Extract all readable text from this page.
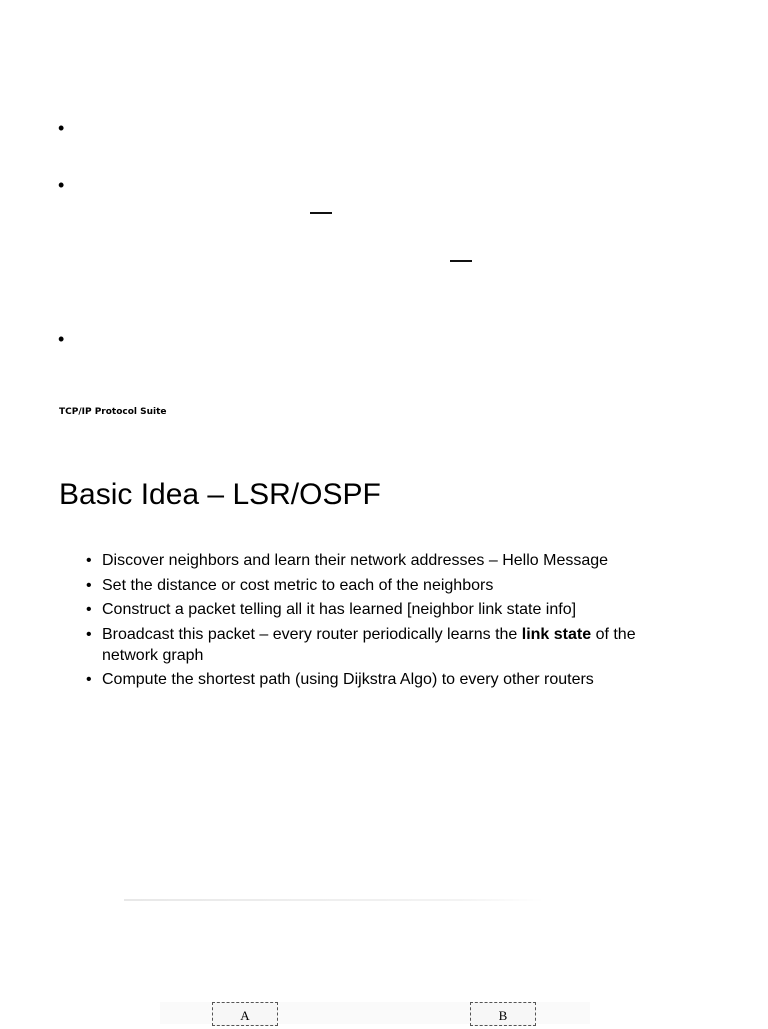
•
•
•
TCP/IP Protocol Suite
Basic Idea – LSR/OSPF
• Discover neighbors and learn their network addresses – Hello Message
• Set the distance or cost metric to each of the neighbors
• Construct a packet telling all it has learned [neighbor link state info]
• Broadcast this packet – every router periodically learns the link state of the network graph
• Compute the shortest path (using Dijkstra Algo) to every other routers
A	B
